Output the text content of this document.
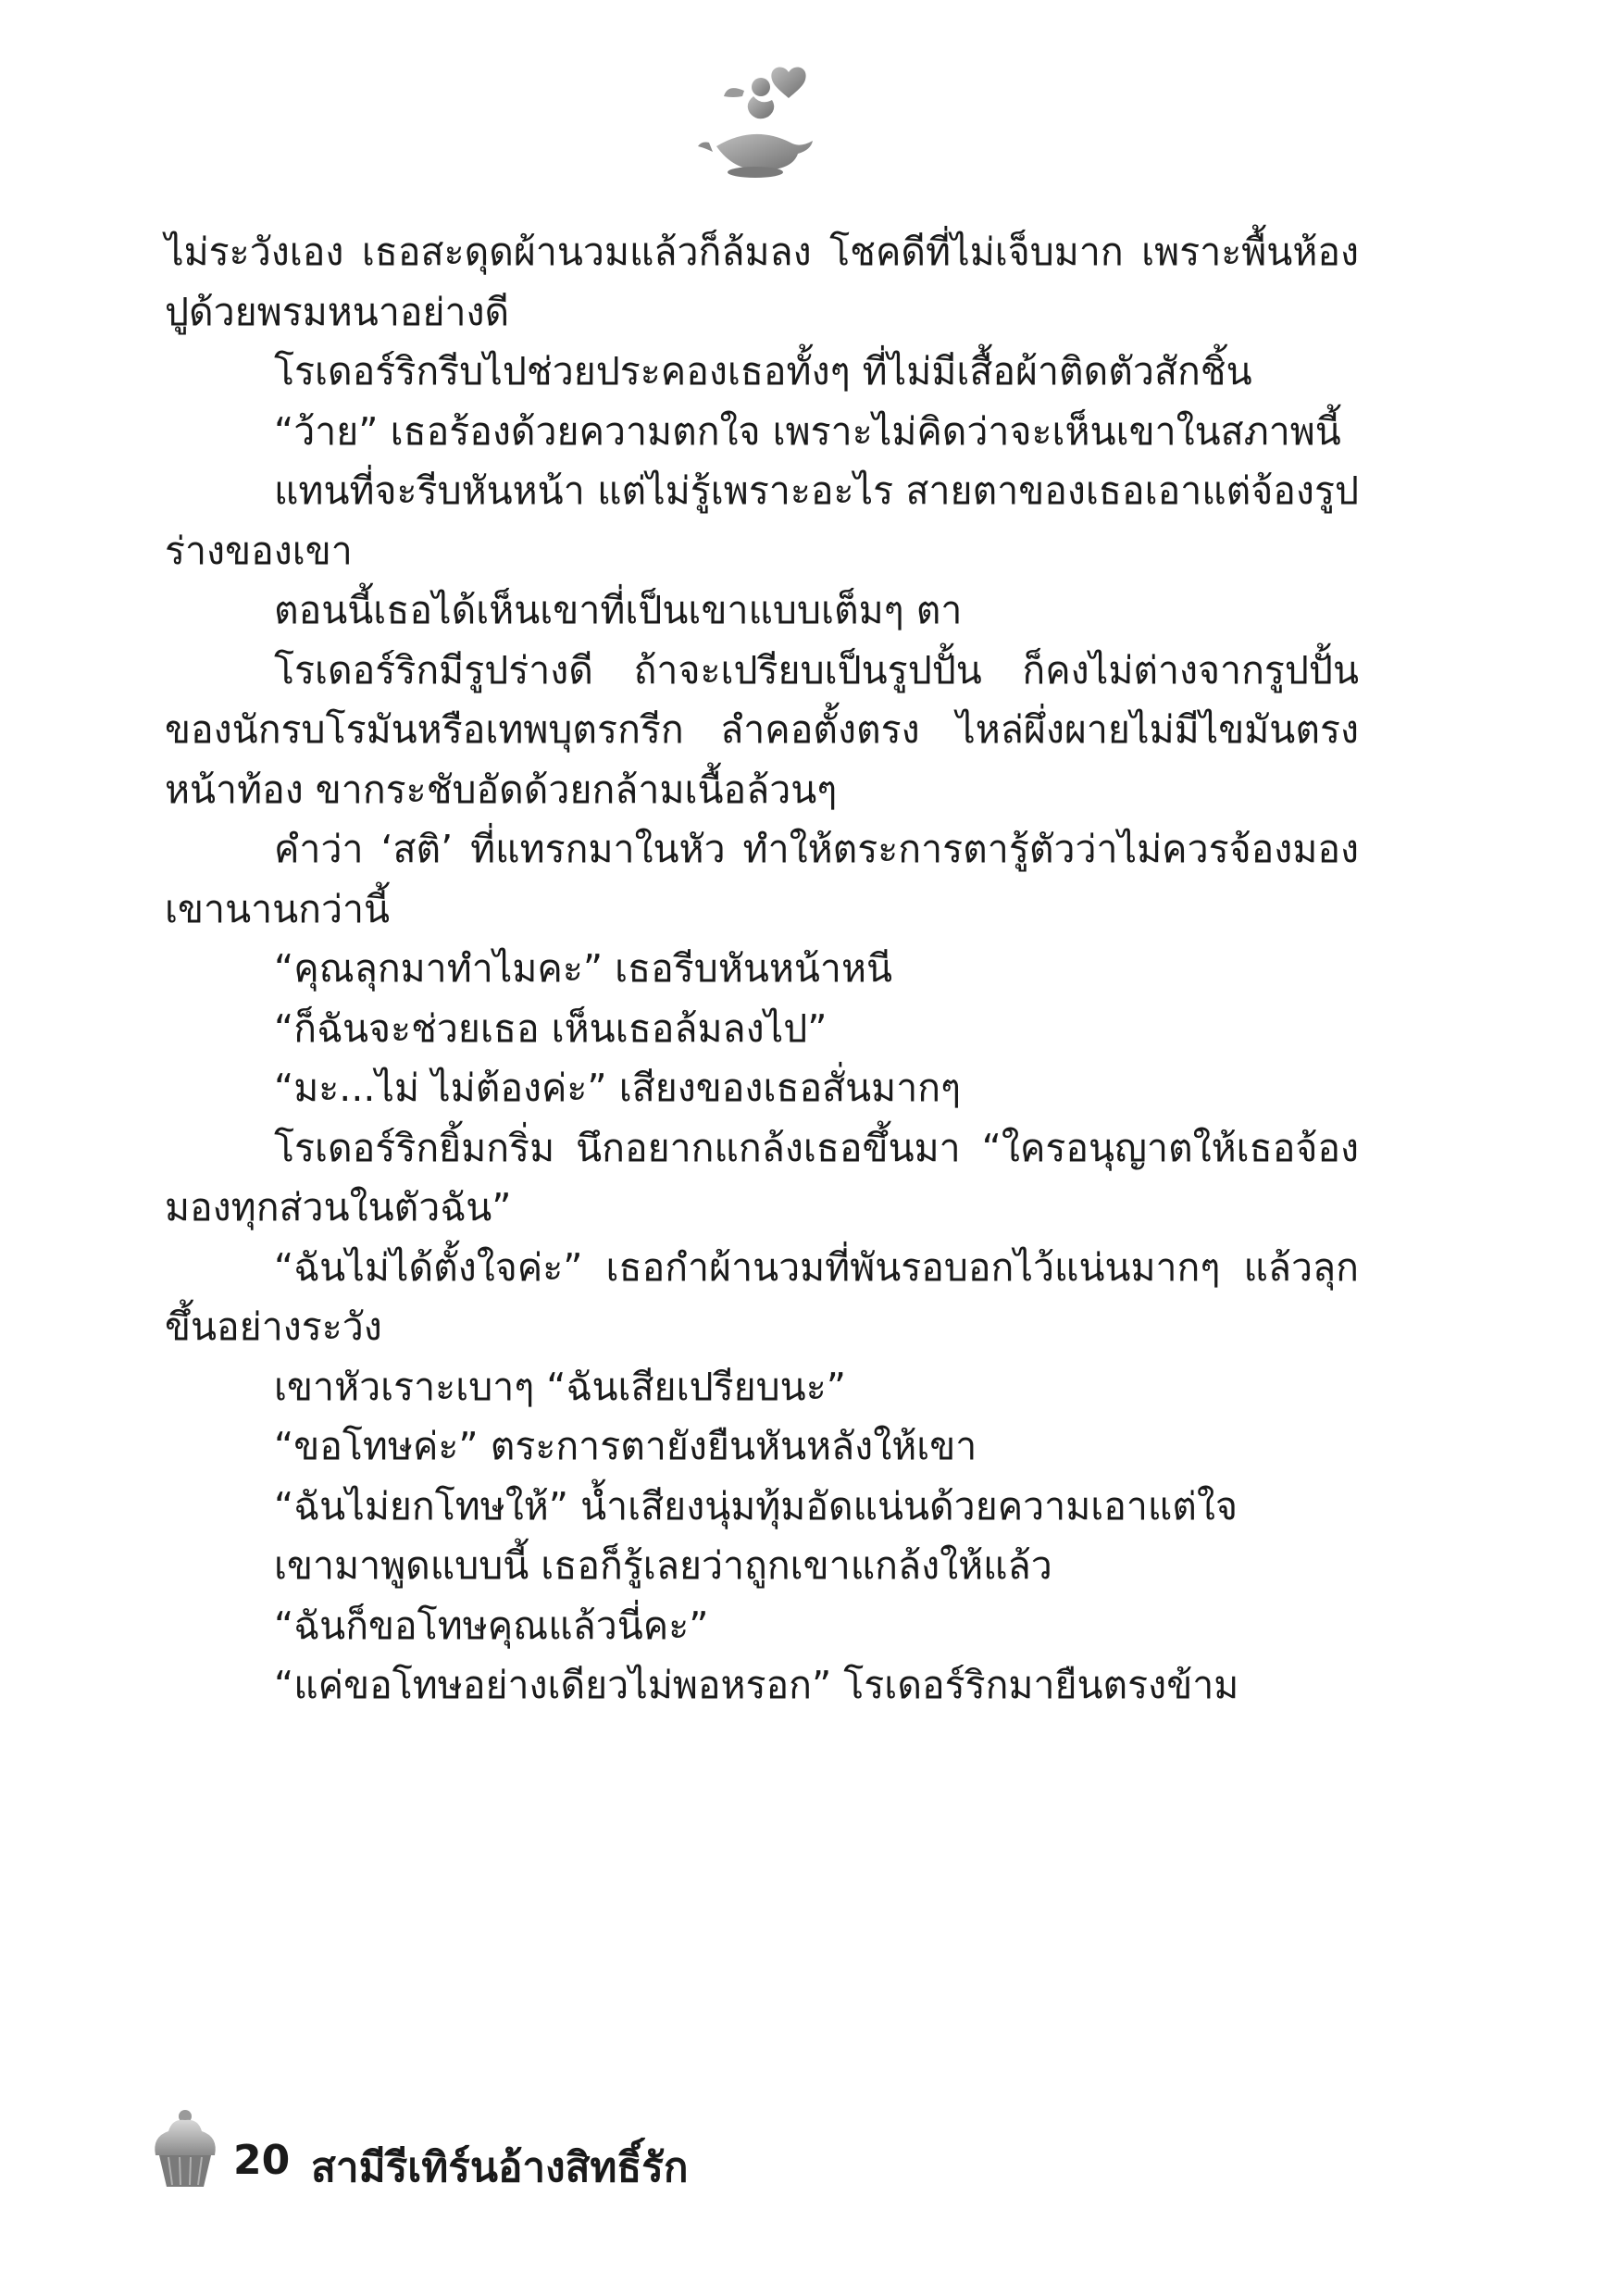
ไม่ระวังเอง เธอสะดุดผ้านวมแล้วก็ล้มลง โชคดีที่ไม่เจ็บมาก เพราะพื้นห้องปูด้วยพรมหนาอย่างดี

โรเดอร์ริกรีบไปช่วยประคองเธอทั้งๆ ที่ไม่มีเสื้อผ้าติดตัวสักชิ้น

“ว้าย” เธอร้องด้วยความตกใจ เพราะไม่คิดว่าจะเห็นเขาในสภาพนี้

แทนที่จะรีบหันหน้า แต่ไม่รู้เพราะอะไร สายตาของเธอเอาแต่จ้องรูปร่างของเขา

ตอนนี้เธอได้เห็นเขาที่เป็นเขาแบบเต็มๆ ตา

โรเดอร์ริกมีรูปร่างดี ถ้าจะเปรียบเป็นรูปปั้น ก็คงไม่ต่างจากรูปปั้นของนักรบโรมันหรือเทพบุตรกรีก ลำคอตั้งตรง ไหล่ผึ่งผายไม่มีไขมันตรงหน้าท้อง ขากระชับอัดด้วยกล้ามเนื้อล้วนๆ

คำว่า ‘สติ’ ที่แทรกมาในหัว ทำให้ตระการตารู้ตัวว่าไม่ควรจ้องมองเขานานกว่านี้

“คุณลุกมาทำไมคะ” เธอรีบหันหน้าหนี

“ก็ฉันจะช่วยเธอ เห็นเธอล้มลงไป”

“มะ...ไม่ ไม่ต้องค่ะ” เสียงของเธอสั่นมากๆ

โรเดอร์ริกยิ้มกริ่ม นึกอยากแกล้งเธอขึ้นมา “ใครอนุญาตให้เธอจ้องมองทุกส่วนในตัวฉัน”

“ฉันไม่ได้ตั้งใจค่ะ” เธอกำผ้านวมที่พันรอบอกไว้แน่นมากๆ แล้วลุกขึ้นอย่างระวัง

เขาหัวเราะเบาๆ “ฉันเสียเปรียบนะ”

“ขอโทษค่ะ” ตระการตายังยืนหันหลังให้เขา

“ฉันไม่ยกโทษให้” น้ำเสียงนุ่มทุ้มอัดแน่นด้วยความเอาแต่ใจ

เขามาพูดแบบนี้ เธอก็รู้เลยว่าถูกเขาแกล้งให้แล้ว

“ฉันก็ขอโทษคุณแล้วนี่คะ”

“แค่ขอโทษอย่างเดียวไม่พอหรอก” โรเดอร์ริกมายืนตรงข้าม

20 สามีรีเทิร์นอ้างสิทธิ์รัก
